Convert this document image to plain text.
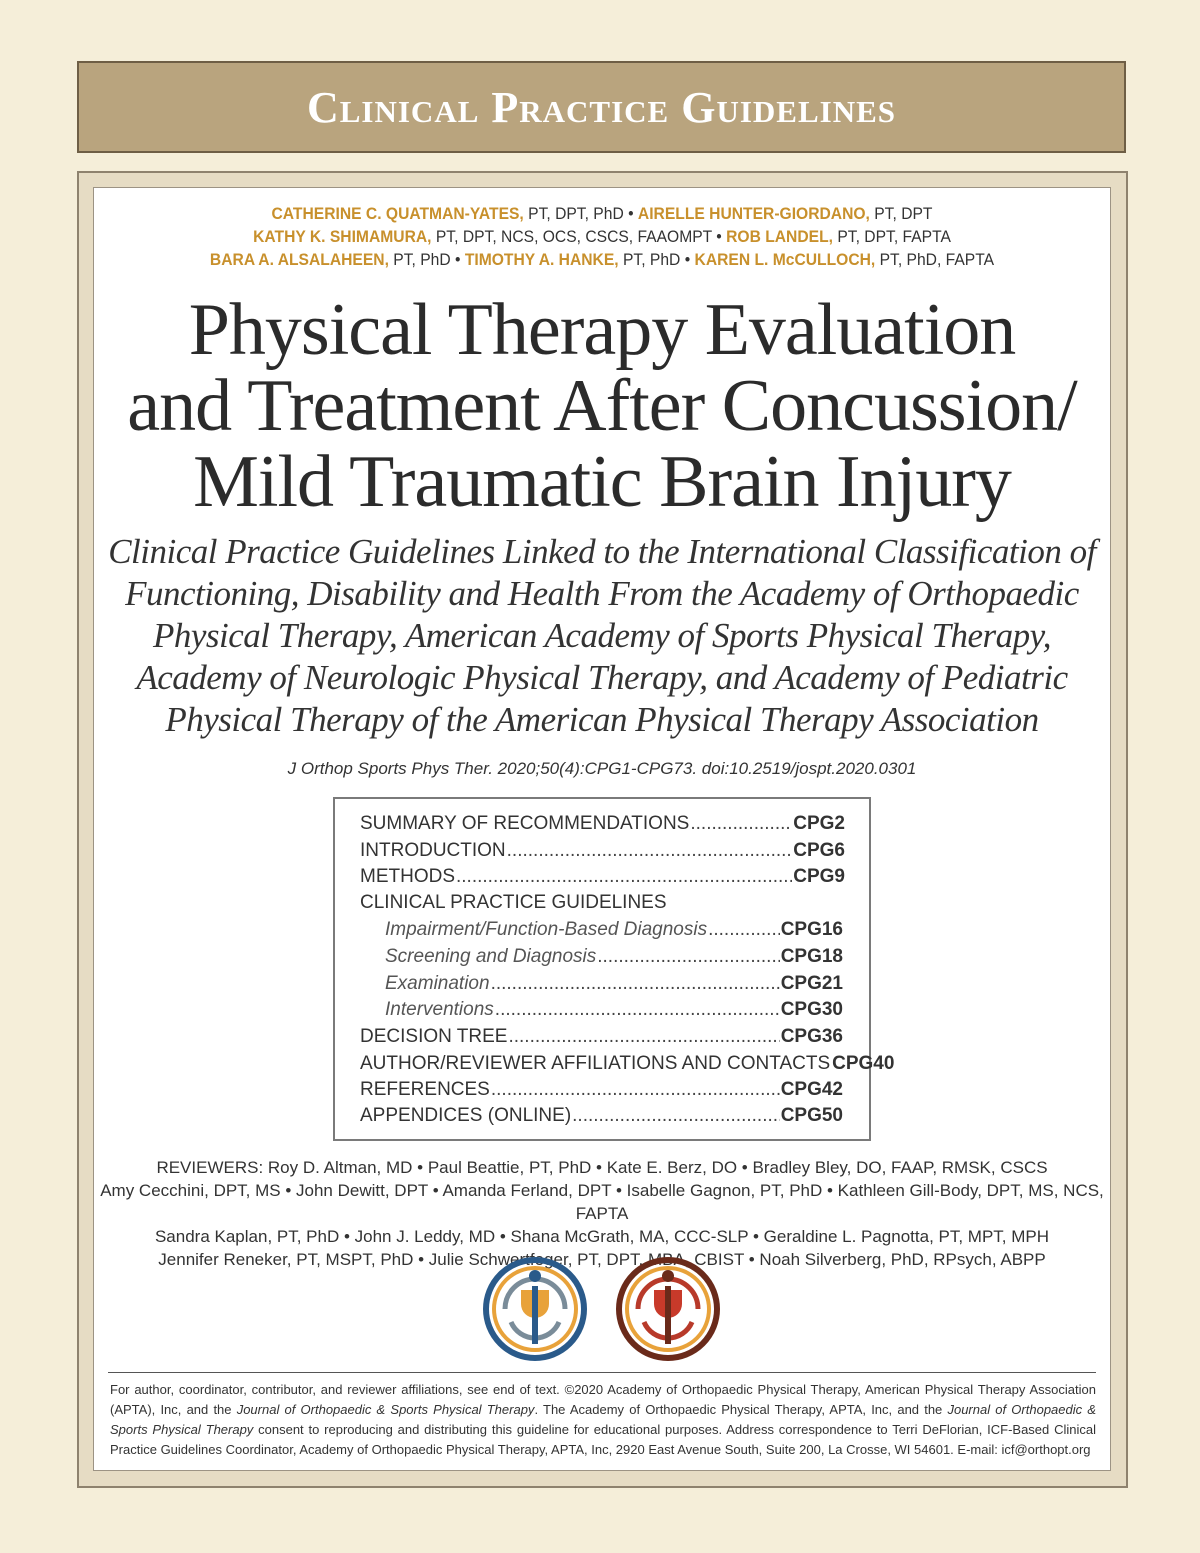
Clinical Practice Guidelines
CATHERINE C. QUATMAN-YATES, PT, DPT, PhD • AIRELLE HUNTER-GIORDANO, PT, DPT
KATHY K. SHIMAMURA, PT, DPT, NCS, OCS, CSCS, FAAOMPT • ROB LANDEL, PT, DPT, FAPTA
BARA A. ALSALAHEEN, PT, PhD • TIMOTHY A. HANKE, PT, PhD • KAREN L. McCULLOCH, PT, PhD, FAPTA
Physical Therapy Evaluation
and Treatment After Concussion/
Mild Traumatic Brain Injury
Clinical Practice Guidelines Linked to the International Classification of
Functioning, Disability and Health From the Academy of Orthopaedic
Physical Therapy, American Academy of Sports Physical Therapy,
Academy of Neurologic Physical Therapy, and Academy of Pediatric
Physical Therapy of the American Physical Therapy Association
J Orthop Sports Phys Ther. 2020;50(4):CPG1-CPG73. doi:10.2519/jospt.2020.0301
SUMMARY OF RECOMMENDATIONS .....	CPG2
INTRODUCTION .....	CPG6
METHODS .....	CPG9
CLINICAL PRACTICE GUIDELINES
Impairment/Function-Based Diagnosis .....	CPG16
Screening and Diagnosis .....	CPG18
Examination .....	CPG21
Interventions .....	CPG30
DECISION TREE .....	CPG36
AUTHOR/REVIEWER AFFILIATIONS AND CONTACTS CPG40
REFERENCES .....	CPG42
APPENDICES (ONLINE) .....	CPG50
REVIEWERS: Roy D. Altman, MD • Paul Beattie, PT, PhD • Kate E. Berz, DO • Bradley Bley, DO, FAAP, RMSK, CSCS
Amy Cecchini, DPT, MS • John Dewitt, DPT • Amanda Ferland, DPT • Isabelle Gagnon, PT, PhD • Kathleen Gill-Body, DPT, MS, NCS, FAPTA
Sandra Kaplan, PT, PhD • John J. Leddy, MD • Shana McGrath, MA, CCC-SLP • Geraldine L. Pagnotta, PT, MPT, MPH
Jennifer Reneker, PT, MSPT, PhD • Julie Schwertfeger, PT, DPT, MBA, CBIST • Noah Silverberg, PhD, RPsych, ABPP
For author, coordinator, contributor, and reviewer affiliations, see end of text. ©2020 Academy of Orthopaedic Physical Therapy, American Physical Therapy Association (APTA), Inc, and the Journal of Orthopaedic & Sports Physical Therapy. The Academy of Orthopaedic Physical Therapy, APTA, Inc, and the Journal of Orthopaedic & Sports Physical Therapy consent to reproducing and distributing this guideline for educational purposes. Address correspondence to Terri DeFlorian, ICF-Based Clinical Practice Guidelines Coordinator, Academy of Orthopaedic Physical Therapy, APTA, Inc, 2920 East Avenue South, Suite 200, La Crosse, WI 54601. E-mail: icf@orthopt.org
